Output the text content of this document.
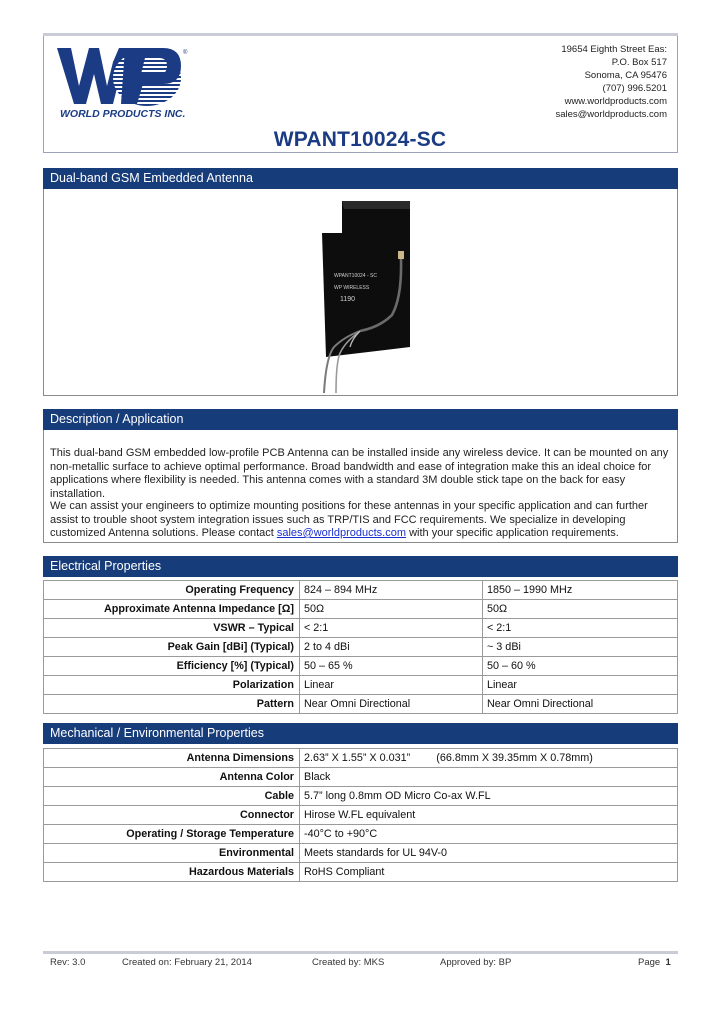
®
WORLD PRODUCTS INC.
19654 Eighth Street Eas:
P.O. Box 517
Sonoma, CA 95476
(707) 996.5201
www.worldproducts.com
sales@worldproducts.com
WPANT10024-SC
Dual-band GSM Embedded Antenna
WPANT10024 - SC
WP WIRELESS
1190
Description / Application
This dual-band GSM embedded low-profile PCB Antenna can be installed inside any wireless device. It can be mounted on any non-metallic surface to achieve optimal performance. Broad bandwidth and ease of integration make this an ideal choice for applications where flexibility is needed. This antenna comes with a standard 3M double stick tape on the back for easy installation.
We can assist your engineers to optimize mounting positions for these antennas in your specific application and can further assist to trouble shoot system integration issues such as TRP/TIS and FCC requirements. We specialize in developing customized Antenna solutions. Please contact sales@worldproducts.com with your specific application requirements.
Electrical Properties
Operating Frequency	824 – 894 MHz	1850 – 1990 MHz
Approximate Antenna Impedance [Ω]	50Ω	50Ω
VSWR – Typical	< 2:1	< 2:1
Peak Gain [dBi] (Typical)	2 to 4 dBi	~ 3 dBi
Efficiency [%] (Typical)	50 – 65 %	50 – 60 %
Polarization	Linear	Linear
Pattern	Near Omni Directional	Near Omni Directional
Mechanical / Environmental Properties
Antenna Dimensions	2.63” X 1.55” X 0.031” (66.8mm X 39.35mm X 0.78mm)
Antenna Color	Black
Cable	5.7” long 0.8mm OD Micro Co-ax W.FL
Connector	Hirose W.FL equivalent
Operating / Storage Temperature	-40°C to +90°C
Environmental	Meets standards for UL 94V-0
Hazardous Materials	RoHS Compliant
Rev: 3.0	Created on: February 21, 2014	Created by: MKS	Approved by: BP	Page 1
